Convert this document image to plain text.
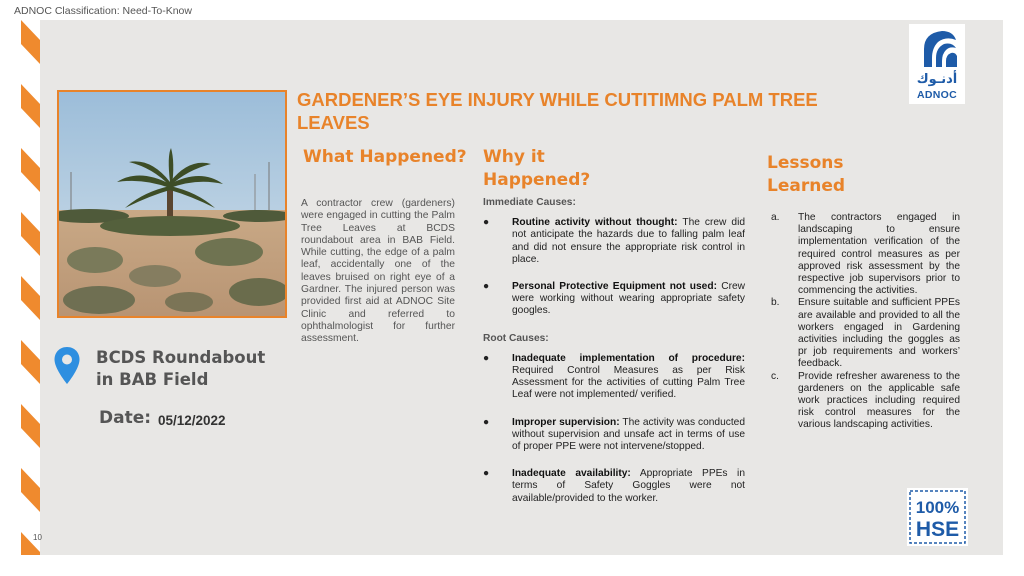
ADNOC Classification: Need-To-Know
أدنـوك
ADNOC
GARDENER’S EYE INJURY WHILE CUTITIMNG PALM TREE LEAVES
What Happened?
A contractor crew (gardeners) were engaged in cutting the Palm Tree Leaves at BCDS roundabout area in BAB Field. While cutting, the edge of a palm leaf, accidentally one of the leaves bruised on right eye of a Gardner. The injured person was provided first aid at ADNOC Site Clinic and referred to ophthalmologist for further assessment.
BCDS Roundabout in BAB Field
Date: 05/12/2022
Why it Happened?
Immediate Causes:
● Routine activity without thought: The crew did not anticipate the hazards due to falling palm leaf and did not ensure the appropriate risk control in place.
● Personal Protective Equipment not used: Crew were working without wearing appropriate safety googles.
Root Causes:
● Inadequate implementation of procedure: Required Control Measures as per Risk Assessment for the activities of cutting Palm Tree Leaf were not implemented/ verified.
● Improper supervision: The activity was conducted without supervision and unsafe act in terms of use of proper PPE were not intervene/stopped.
● Inadequate availability: Appropriate PPEs in terms of Safety Goggles were not available/provided to the worker.
Lessons Learned
a. The contractors engaged in landscaping to ensure implementation verification of the required control measures as per approved risk assessment by the respective job supervisors prior to commencing the activities.
b. Ensure suitable and sufficient PPEs are available and provided to all the workers engaged in Gardening activities including the goggles as pr job requirements and workers’ feedback.
c. Provide refresher awareness to the gardeners on the applicable safe work practices including required risk control measures for the various landscaping activities.
10
100%
HSE
